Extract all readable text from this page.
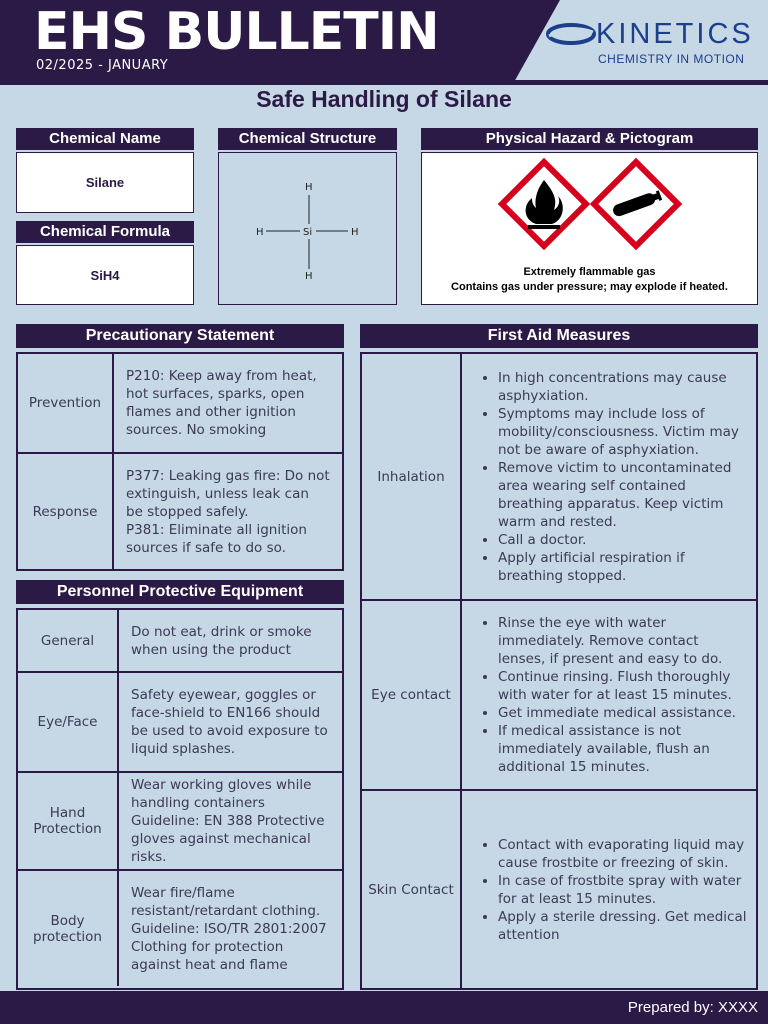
EHS BULLETIN
02/2025 - JANUARY
KINETICS
CHEMISTRY IN MOTION
Safe Handling of Silane
Chemical Name
Silane
Chemical Formula
SiH4
Chemical Structure
H
H	Si	H
H
Physical Hazard & Pictogram
Extremely flammable gas
Contains gas under pressure; may explode if heated.
Precautionary Statement
Prevention
P210: Keep away from heat, hot surfaces, sparks, open flames and other ignition sources. No smoking
Response
P377: Leaking gas fire: Do not extinguish, unless leak can be stopped safely.
P381: Eliminate all ignition sources if safe to do so.
Personnel Protective Equipment
General
Do not eat, drink or smoke when using the product
Eye/Face
Safety eyewear, goggles or face-shield to EN166 should be used to avoid exposure to liquid splashes.
Hand Protection
Wear working gloves while handling containers Guideline: EN 388 Protective gloves against mechanical risks.
Body protection
Wear fire/flame resistant/retardant clothing. Guideline: ISO/TR 2801:2007 Clothing for protection against heat and flame
First Aid Measures
Inhalation
• In high concentrations may cause asphyxiation.
• Symptoms may include loss of mobility/consciousness. Victim may not be aware of asphyxiation.
• Remove victim to uncontaminated area wearing self contained breathing apparatus. Keep victim warm and rested.
• Call a doctor.
• Apply artificial respiration if breathing stopped.
Eye contact
• Rinse the eye with water immediately. Remove contact lenses, if present and easy to do.
• Continue rinsing. Flush thoroughly with water for at least 15 minutes.
• Get immediate medical assistance.
• If medical assistance is not immediately available, flush an additional 15 minutes.
Skin Contact
• Contact with evaporating liquid may cause frostbite or freezing of skin.
• In case of frostbite spray with water for at least 15 minutes.
• Apply a sterile dressing. Get medical attention
Prepared by: XXXX
